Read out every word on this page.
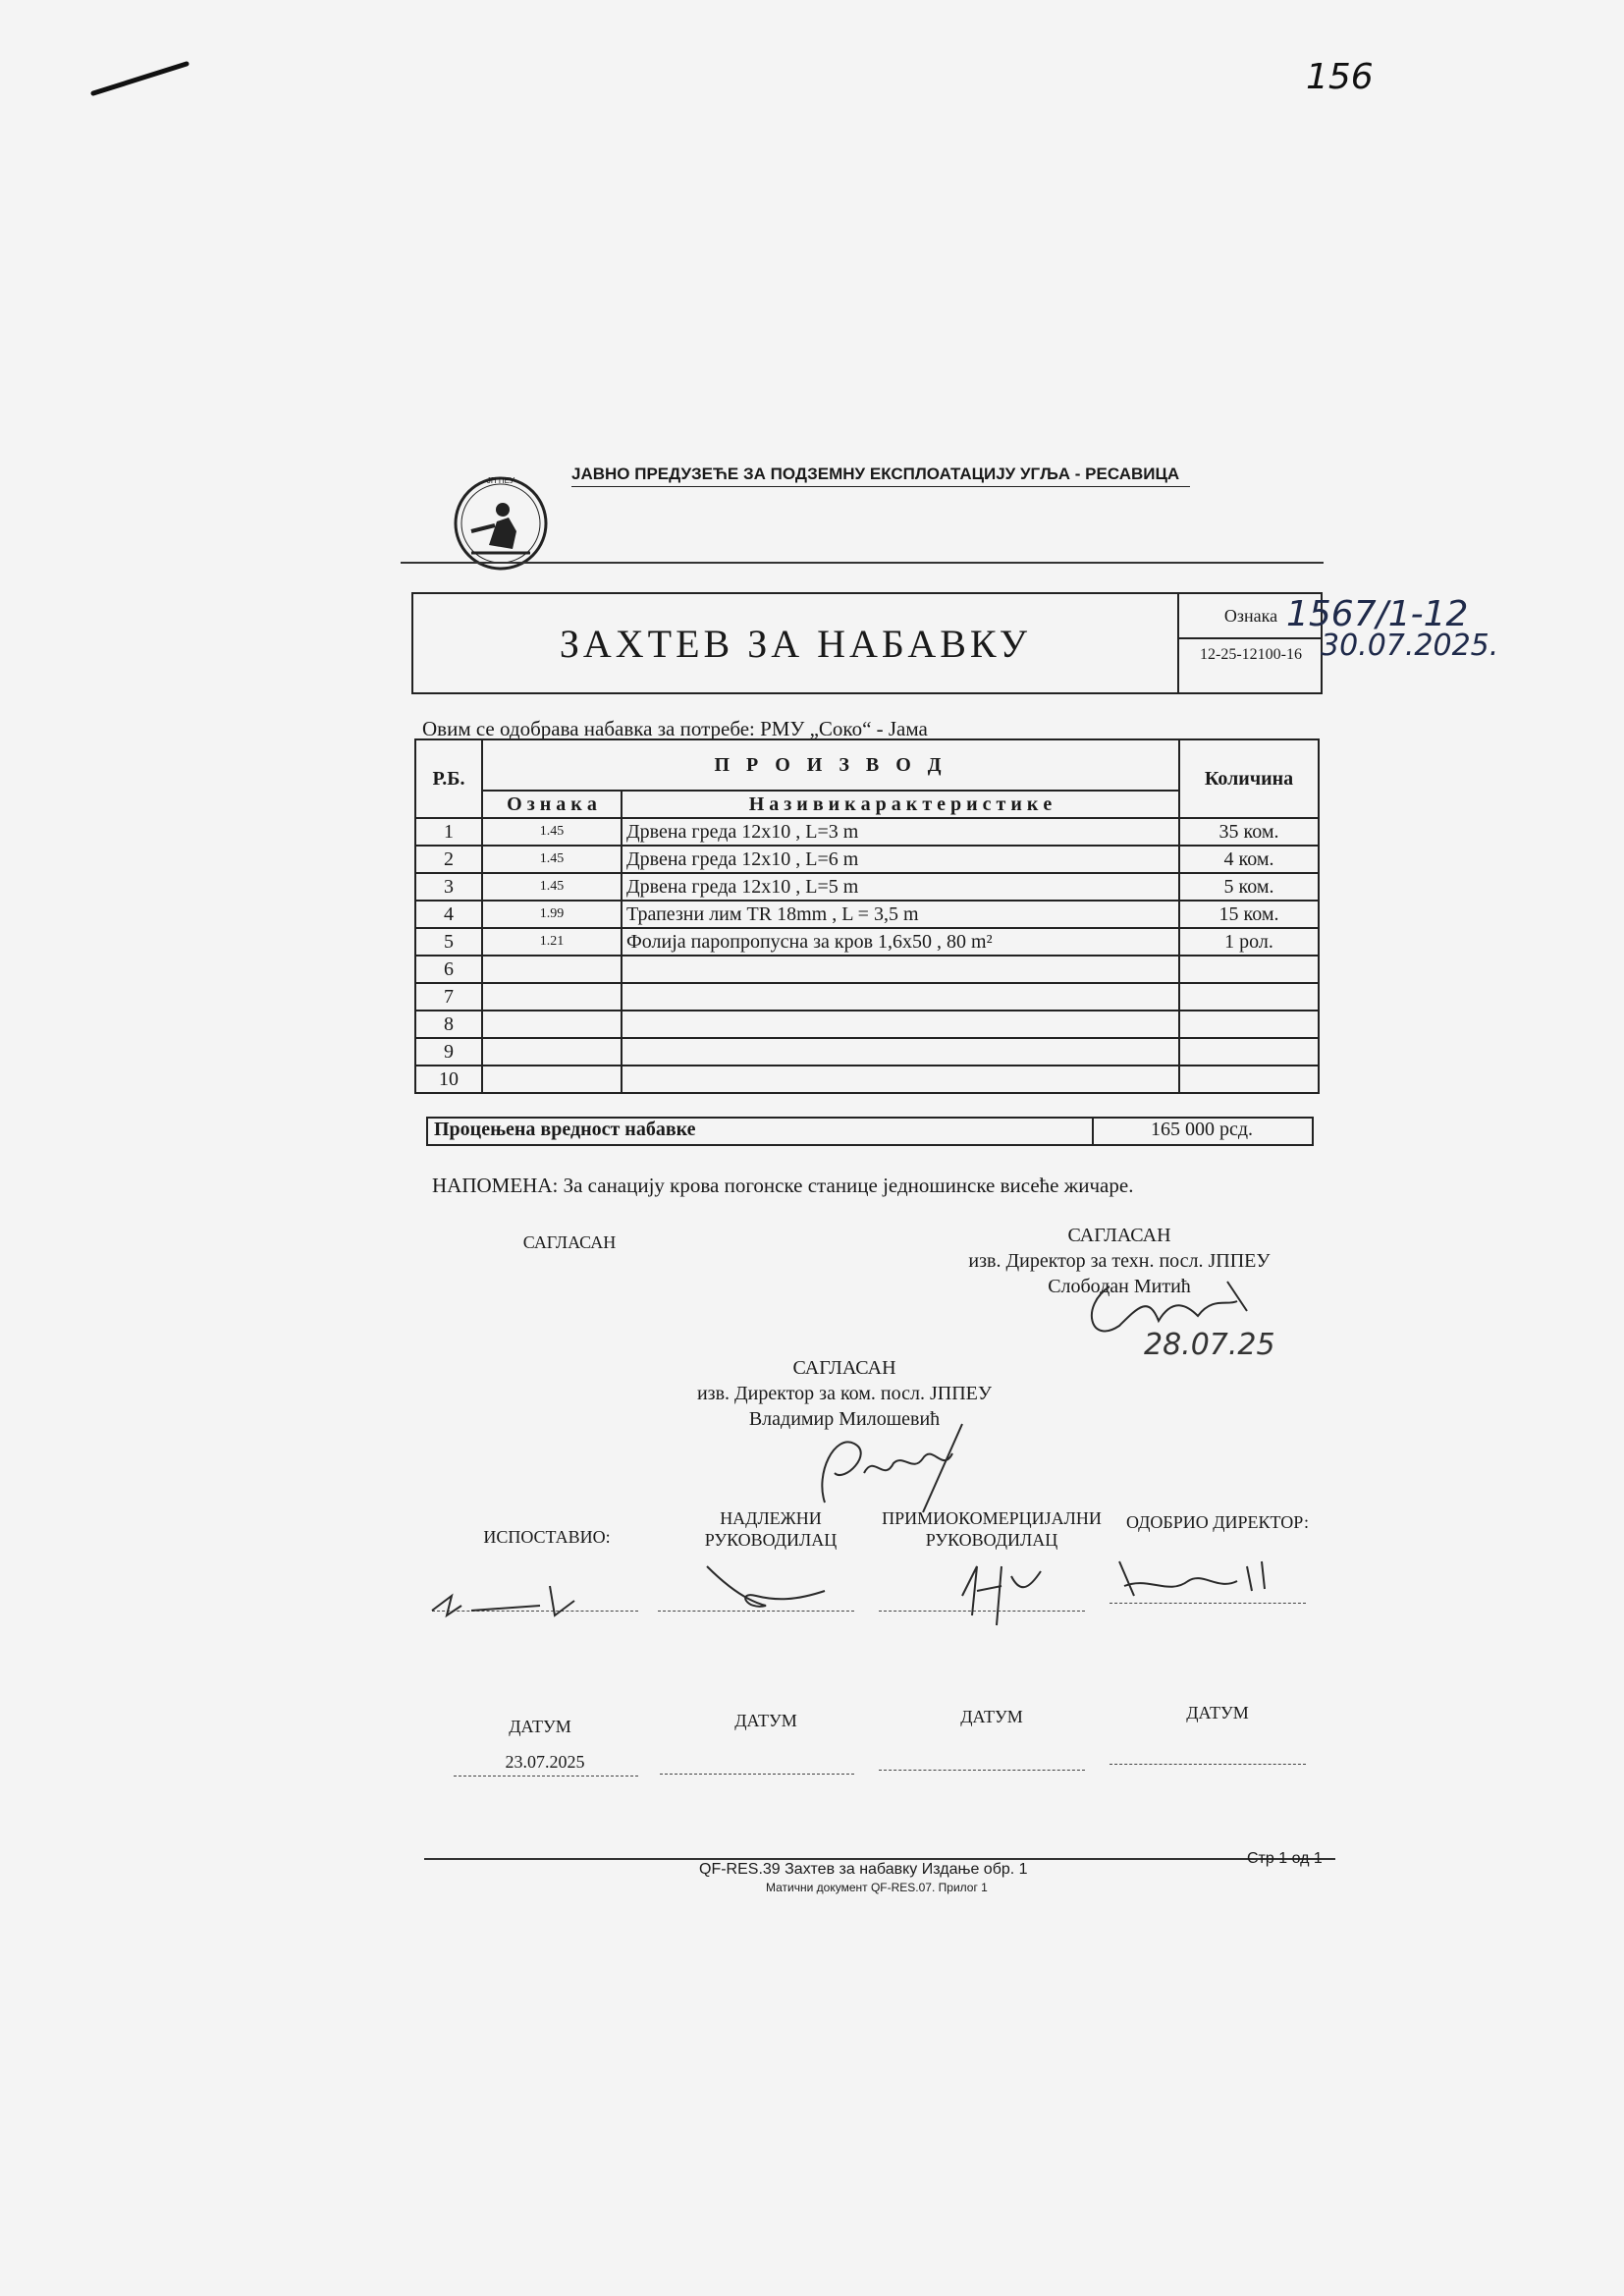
156
ЈП ПЕУ	ЈАВНО ПРЕДУЗЕЋЕ ЗА ПОДЗЕМНУ ЕКСПЛОАТАЦИЈУ УГЉА - РЕСАВИЦА
ЗАХТЕВ ЗА НАБАВКУ
Ознака
12-25-12100-16
1567/1-12
30.07.2025.
Овим се одобрава набавка за потребе: РМУ „Соко“ - Јама
Р.Б.	П Р О И З В О Д		Количина
	О з н а к а	Н а з и в и к а р а к т е р и с т и к е	
1	1.45	Дрвена греда 12x10 , L=3 m	35 ком.
2	1.45	Дрвена греда 12x10 , L=6 m	4 ком.
3	1.45	Дрвена греда 12x10 , L=5 m	5 ком.
4	1.99	Трапезни лим TR 18mm , L = 3,5 m	15 ком.
5	1.21	Фолија паропропусна за кров 1,6x50 , 80 m²	1 рол.
6			
7			
8			
9			
10			
Процењена вредност набавке	165 000 рсд.
НАПОМЕНА: За санацију крова погонске станице једношинске висеће жичаре.
САГЛАСАН	САГЛАСАН
изв. Директор за техн. посл. ЈППЕУ
Слободан Митић
28.07.25
САГЛАСАН
изв. Директор за ком. посл. ЈППЕУ
Владимир Милошевић
ИСПОСТАВИО:
НАДЛЕЖНИ РУКОВОДИЛАЦ
ПРИМИОКОМЕРЦИЈАЛНИ РУКОВОДИЛАЦ
ОДОБРИО ДИРЕКТОР:
ДАТУМ	ДАТУМ	ДАТУМ	ДАТУМ
23.07.2025
QF-RES.39 Захтев за набавку Издање обр. 1
Стр 1 од 1
Матични документ QF-RES.07. Прилог 1
